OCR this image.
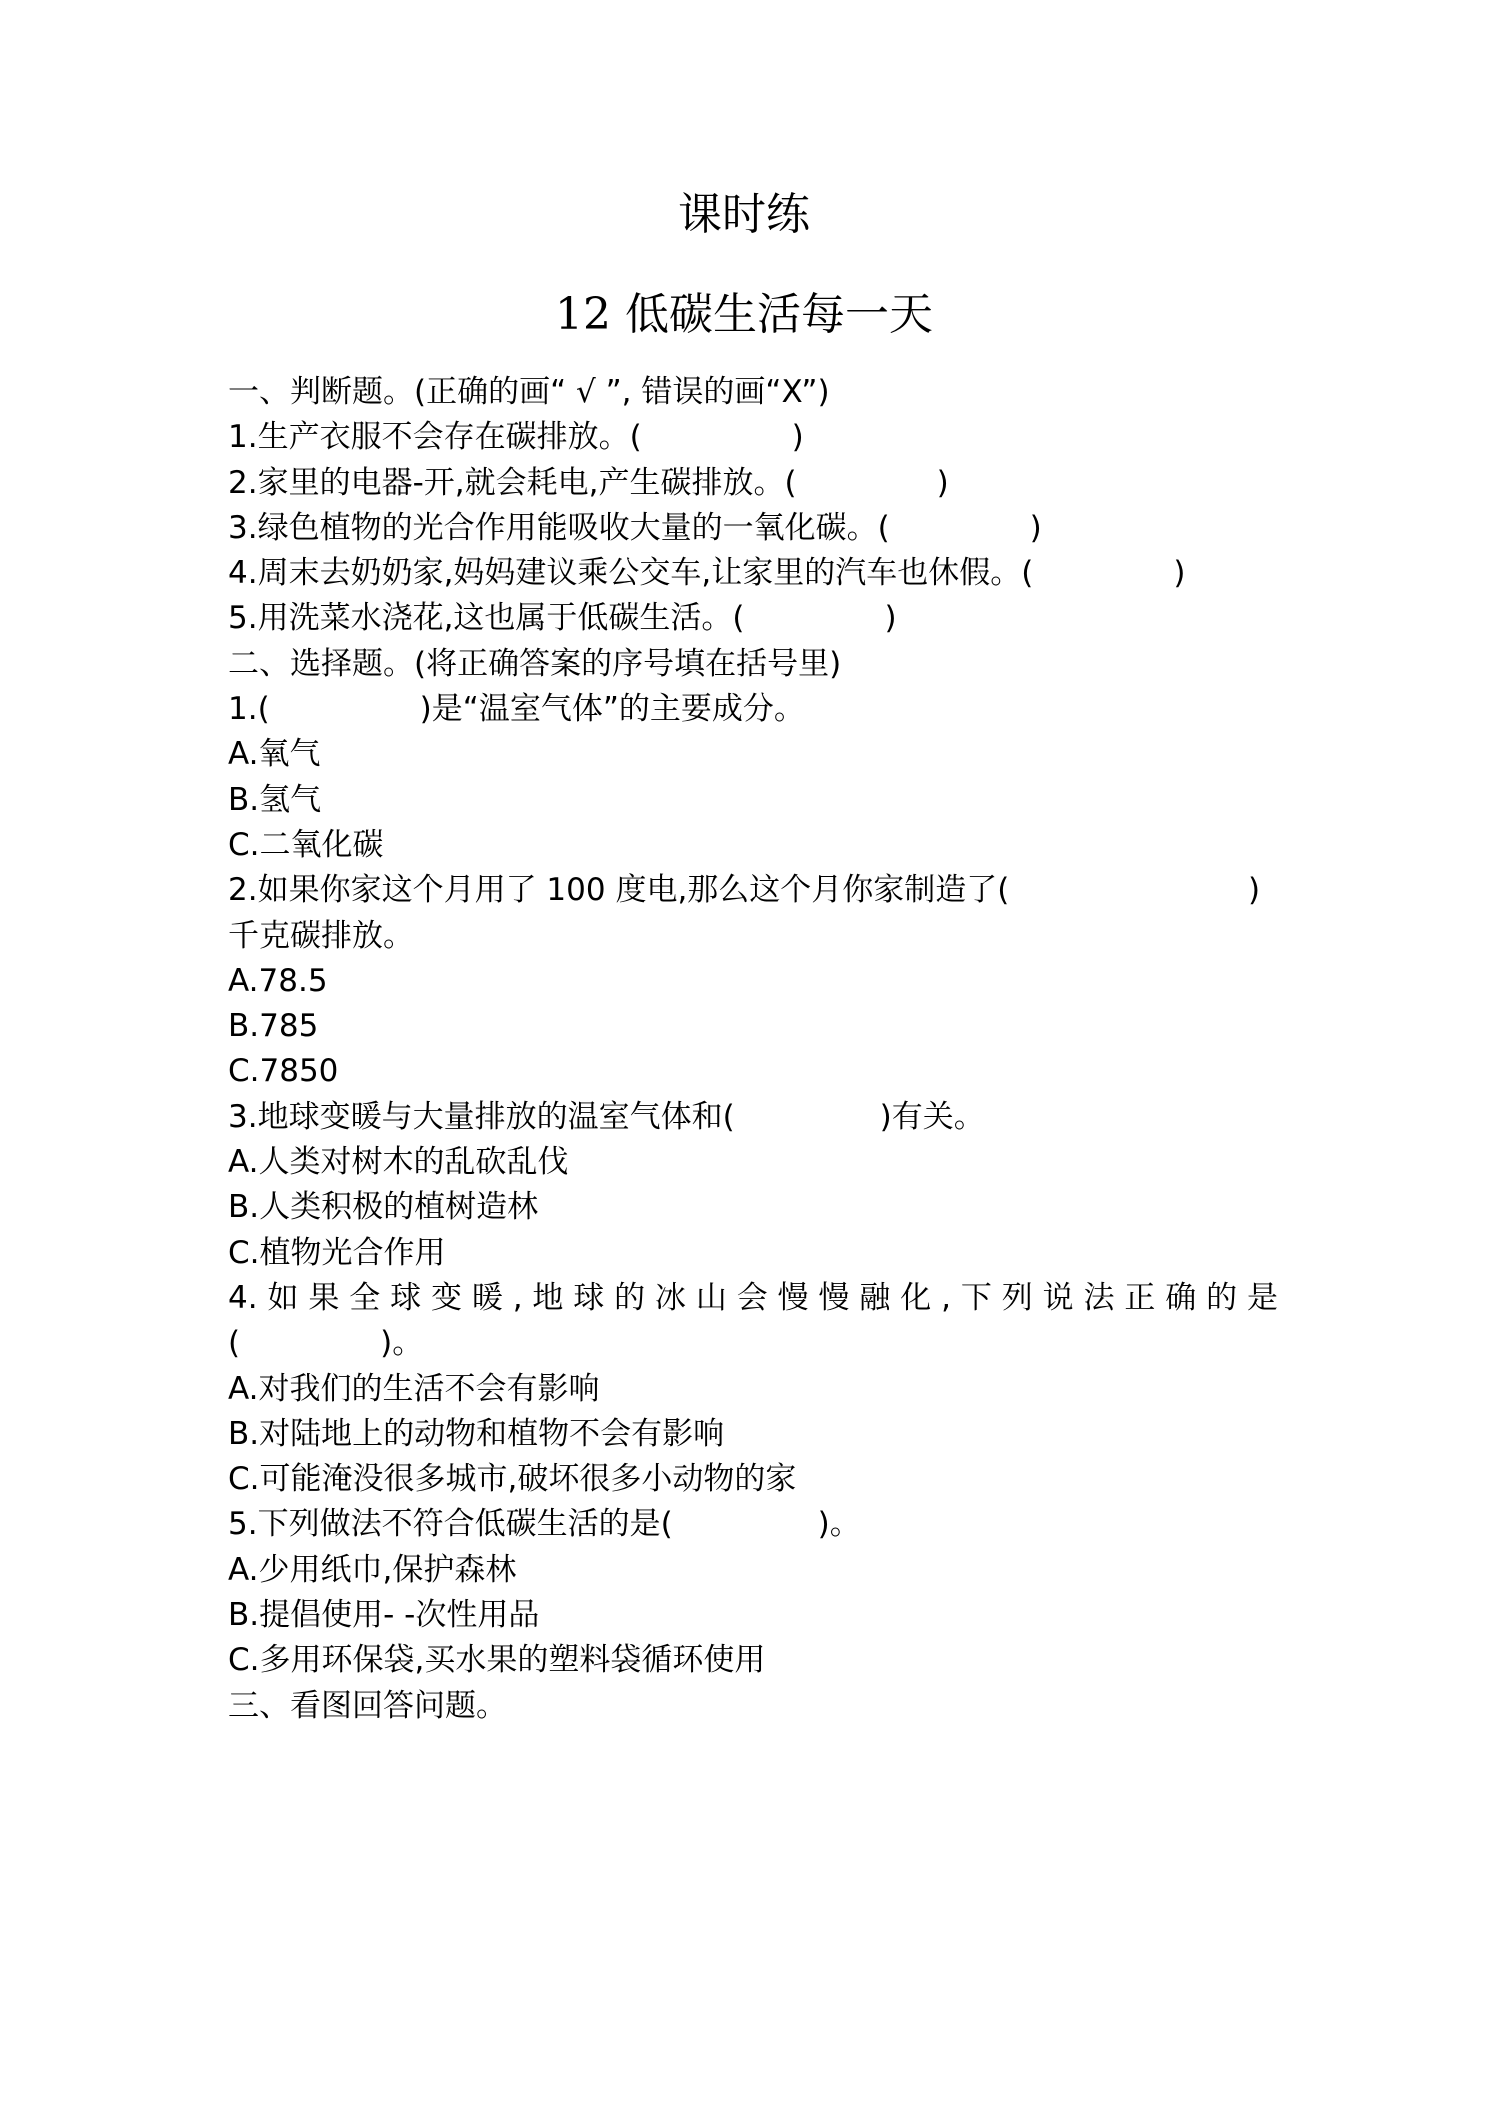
课时练
12 低碳生活每一天
一、判断题。(正确的画“ √ ”, 错误的画“X”)
1.生产衣服不会存在碳排放。(	)
2.家里的电器-开,就会耗电,产生碳排放。(	)
3.绿色植物的光合作用能吸收大量的一氧化碳。(	)
4.周末去奶奶家,妈妈建议乘公交车,让家里的汽车也休假。(	)
5.用洗菜水浇花,这也属于低碳生活。(	)
二、选择题。(将正确答案的序号填在括号里)
1.(	)是“温室气体”的主要成分。
A.氧气
B.氢气
C.二氧化碳
2.如果你家这个月用了 100 度电,那么这个月你家制造了(	)
千克碳排放。
A.78.5
B.785
C.7850
3.地球变暖与大量排放的温室气体和(	)有关。
A.人类对树木的乱砍乱伐
B.人类积极的植树造林
C.植物光合作用
4.如果全球变暖,地球的冰山会慢慢融化,下列说法正确的是
(	)。
A.对我们的生活不会有影响
B.对陆地上的动物和植物不会有影响
C.可能淹没很多城市,破坏很多小动物的家
5.下列做法不符合低碳生活的是(	)。
A.少用纸巾,保护森林
B.提倡使用- -次性用品
C.多用环保袋,买水果的塑料袋循环使用
三、看图回答问题。
